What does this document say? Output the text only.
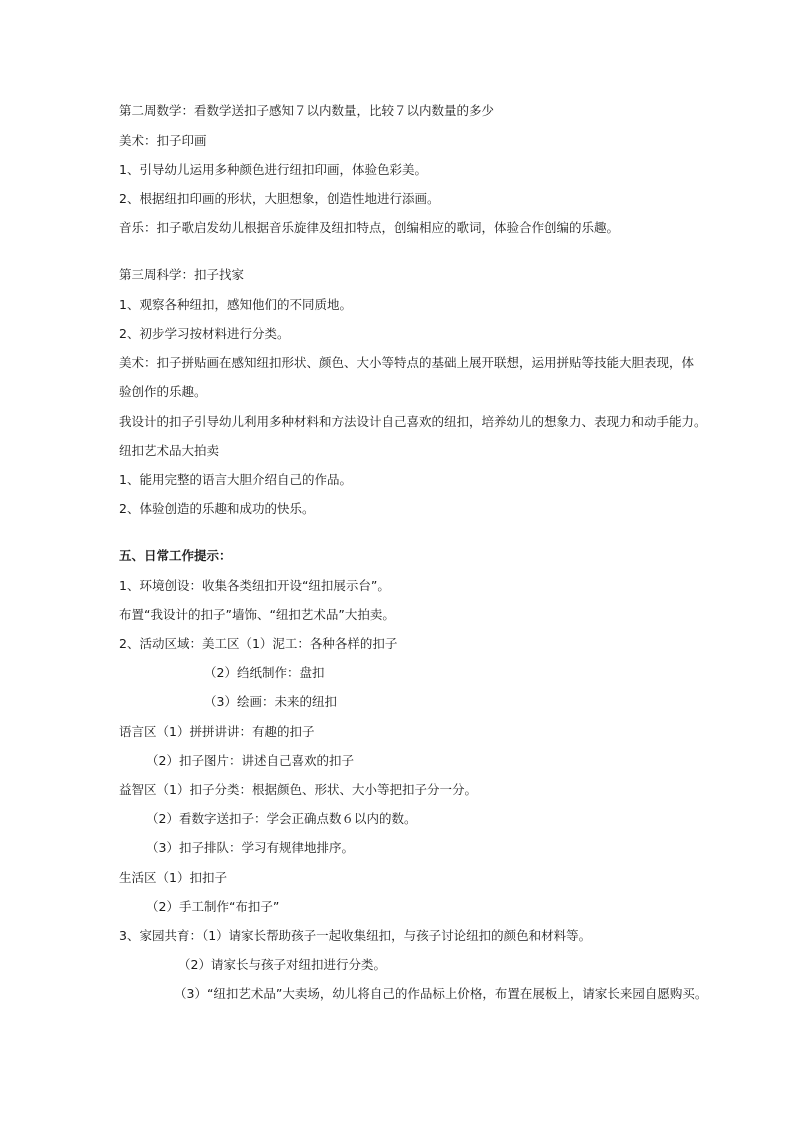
第二周数学：看数学送扣子感知７以内数量，比较７以内数量的多少
美术：扣子印画
1、引导幼儿运用多种颜色进行纽扣印画，体验色彩美。
2、根据纽扣印画的形状，大胆想象，创造性地进行添画。
音乐：扣子歌启发幼儿根据音乐旋律及纽扣特点，创编相应的歌词，体验合作创编的乐趣。
第三周科学：扣子找家
1、观察各种纽扣，感知他们的不同质地。
2、初步学习按材料进行分类。
美术：扣子拼贴画在感知纽扣形状、颜色、大小等特点的基础上展开联想，运用拼贴等技能大胆表现，体
验创作的乐趣。
我设计的扣子引导幼儿利用多种材料和方法设计自己喜欢的纽扣，培养幼儿的想象力、表现力和动手能力。
纽扣艺术品大拍卖
1、能用完整的语言大胆介绍自己的作品。
2、体验创造的乐趣和成功的快乐。
五、日常工作提示：
1、环境创设：收集各类纽扣开设“纽扣展示台”。
布置“我设计的扣子”墙饰、“纽扣艺术品”大拍卖。
2、活动区域：美工区（1）泥工：各种各样的扣子
（2）绉纸制作：盘扣
（3）绘画：未来的纽扣
语言区（1）拼拼讲讲：有趣的扣子
（2）扣子图片：讲述自己喜欢的扣子
益智区（1）扣子分类：根据颜色、形状、大小等把扣子分一分。
（2）看数字送扣子：学会正确点数６以内的数。
（3）扣子排队：学习有规律地排序。
生活区（1）扣扣子
（2）手工制作“布扣子”
3、家园共育：（1）请家长帮助孩子一起收集纽扣，与孩子讨论纽扣的颜色和材料等。
（2）请家长与孩子对纽扣进行分类。
（3）“纽扣艺术品”大卖场，幼儿将自己的作品标上价格，布置在展板上，请家长来园自愿购买。
